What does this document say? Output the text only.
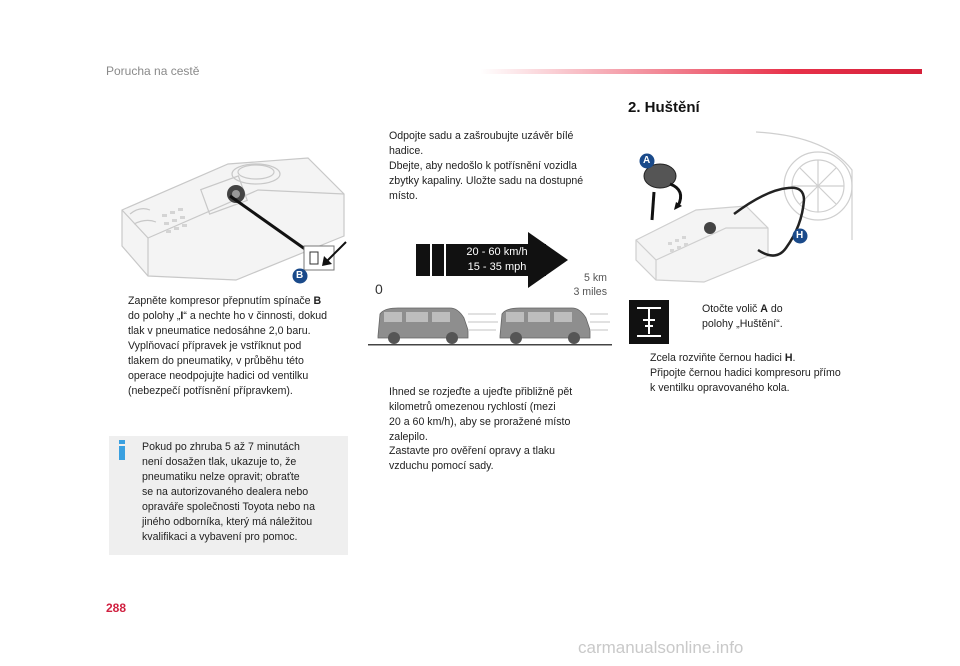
Porucha na cestě
B
Zapněte kompresor přepnutím spínače B
do polohy „I“ a nechte ho v činnosti, dokud
tlak v pneumatice nedosáhne 2,0 baru.
Vyplňovací přípravek je vstříknut pod
tlakem do pneumatiky, v průběhu této
operace neodpojujte hadici od ventilku
(nebezpečí potřísnění přípravkem).
Pokud po zhruba 5 až 7 minutách
není dosažen tlak, ukazuje to, že
pneumatiku nelze opravit; obraťte
se na autorizovaného dealera nebo
opraváře společnosti Toyota nebo na
jiného odborníka, který má náležitou
kvalifikaci a vybavení pro pomoc.
Odpojte sadu a zašroubujte uzávěr bílé
hadice.
Dbejte, aby nedošlo k potřísnění vozidla
zbytky kapaliny. Uložte sadu na dostupné
místo.
20 - 60 km/h
15 - 35 mph
0
5 km
3 miles
Ihned se rozjeďte a ujeďte přibližně pět
kilometrů omezenou rychlostí (mezi
20 a 60 km/h), aby se proražené místo
zalepilo.
Zastavte pro ověření opravy a tlaku
vzduchu pomocí sady.
2. Huštění
A
H
Otočte volič A do
polohy „Huštění“.
Zcela rozviňte černou hadici H.
Připojte černou hadici kompresoru přímo
k ventilku opravovaného kola.
288
carmanualsonline.info
